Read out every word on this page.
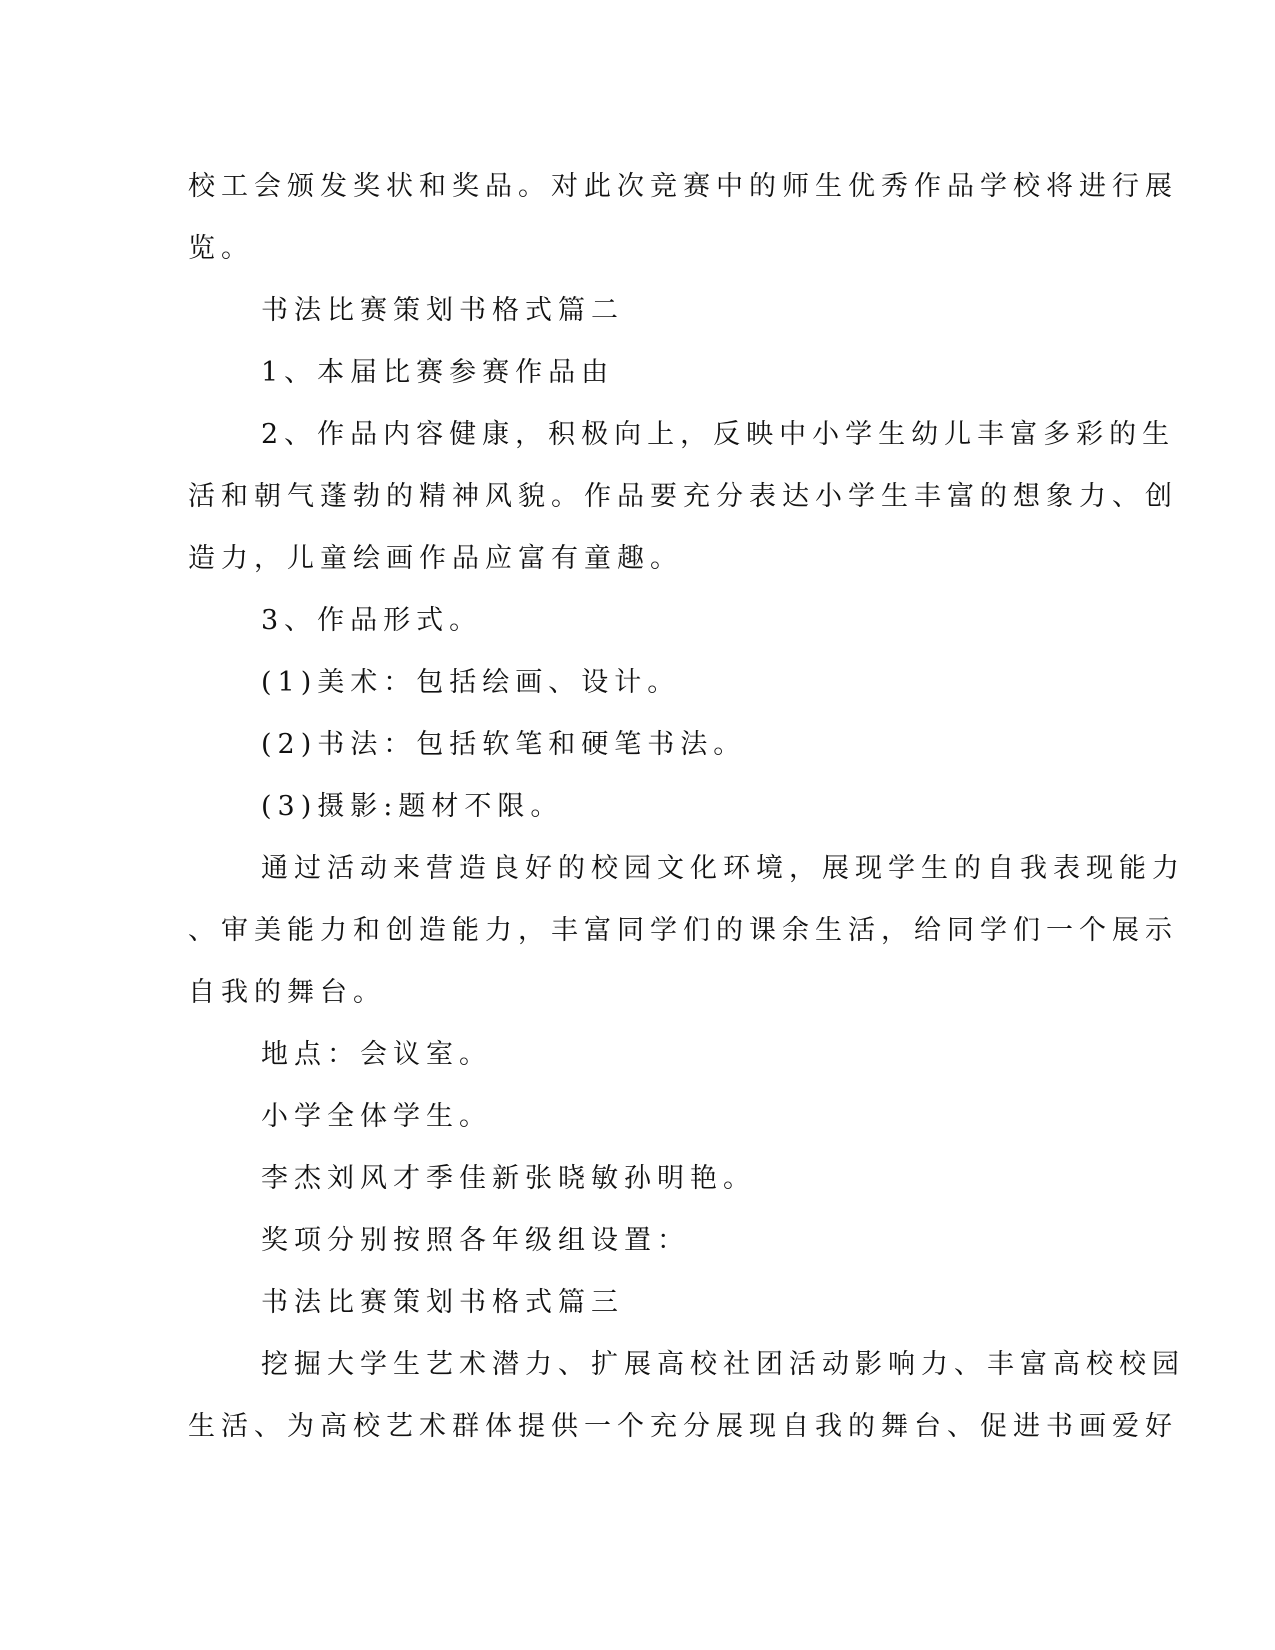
校工会颁发奖状和奖品。对此次竞赛中的师生优秀作品学校将进行展
览。
书法比赛策划书格式篇二
1、本届比赛参赛作品由
2、作品内容健康，积极向上，反映中小学生幼儿丰富多彩的生
活和朝气蓬勃的精神风貌。作品要充分表达小学生丰富的想象力、创
造力，儿童绘画作品应富有童趣。
3、作品形式。
(1)美术：包括绘画、设计。
(2)书法：包括软笔和硬笔书法。
(3)摄影:题材不限。
通过活动来营造良好的校园文化环境，展现学生的自我表现能力
、审美能力和创造能力，丰富同学们的课余生活，给同学们一个展示
自我的舞台。
地点：会议室。
小学全体学生。
李杰刘风才季佳新张晓敏孙明艳。
奖项分别按照各年级组设置：
书法比赛策划书格式篇三
挖掘大学生艺术潜力、扩展高校社团活动影响力、丰富高校校园
生活、为高校艺术群体提供一个充分展现自我的舞台、促进书画爱好
